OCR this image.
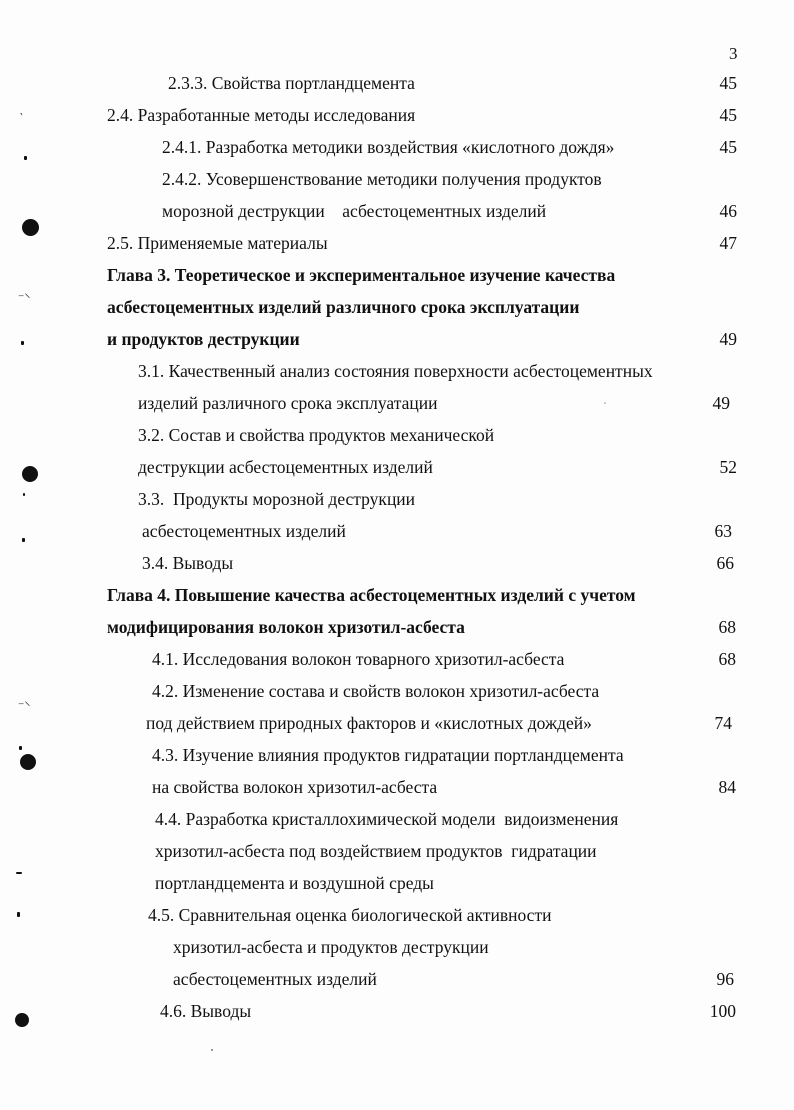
3
2.3.3. Свойства портландцемента	45
2.4. Разработанные методы исследования	45
2.4.1. Разработка методики воздействия «кислотного дождя»	45
2.4.2. Усовершенствование методики получения продуктов
морозной деструкции    асбестоцементных изделий	46
2.5. Применяемые материалы	47
Глава 3. Теоретическое и экспериментальное изучение качества
асбестоцементных изделий различного срока эксплуатации
и продуктов деструкции	49
3.1. Качественный анализ состояния поверхности асбестоцементных
изделий различного срока эксплуатации	49
3.2. Состав и свойства продуктов механической
деструкции асбестоцементных изделий	52
3.3.  Продукты морозной деструкции
асбестоцементных изделий	63
3.4. Выводы	66
Глава 4. Повышение качества асбестоцементных изделий с учетом
модифицирования волокон хризотил-асбеста	68
4.1. Исследования волокон товарного хризотил-асбеста	68
4.2. Изменение состава и свойств волокон хризотил-асбеста
под действием природных факторов и «кислотных дождей»	74
4.3. Изучение влияния продуктов гидратации портландцемента
на свойства волокон хризотил-асбеста	84
4.4. Разработка кристаллохимической модели  видоизменения
хризотил-асбеста под воздействием продуктов  гидратации
портландцемента и воздушной среды
4.5. Сравнительная оценка биологической активности
хризотил-асбеста и продуктов деструкции
асбестоцементных изделий	96
4.6. Выводы	100
‵
⁻⸌
⁻⸌
